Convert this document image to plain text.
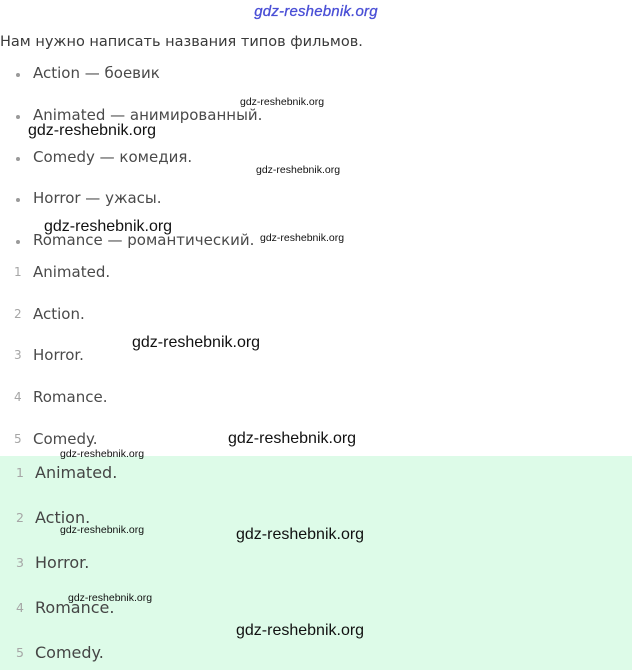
gdz-reshebnik.org
Нам нужно написать названия типов фильмов.
Action — боевик
Animated — анимированный.
Comedy — комедия.
Horror — ужасы.
Romance — романтический.
1 Animated.
2 Action.
3 Horror.
4 Romance.
5 Comedy.
1 Animated.
2 Action.
3 Horror.
4 Romance.
5 Comedy.
gdz-reshebnik.org
gdz-reshebnik.org
gdz-reshebnik.org
gdz-reshebnik.org
gdz-reshebnik.org
gdz-reshebnik.org
gdz-reshebnik.org
gdz-reshebnik.org
gdz-reshebnik.org	gdz-reshebnik.org
gdz-reshebnik.org
gdz-reshebnik.org
